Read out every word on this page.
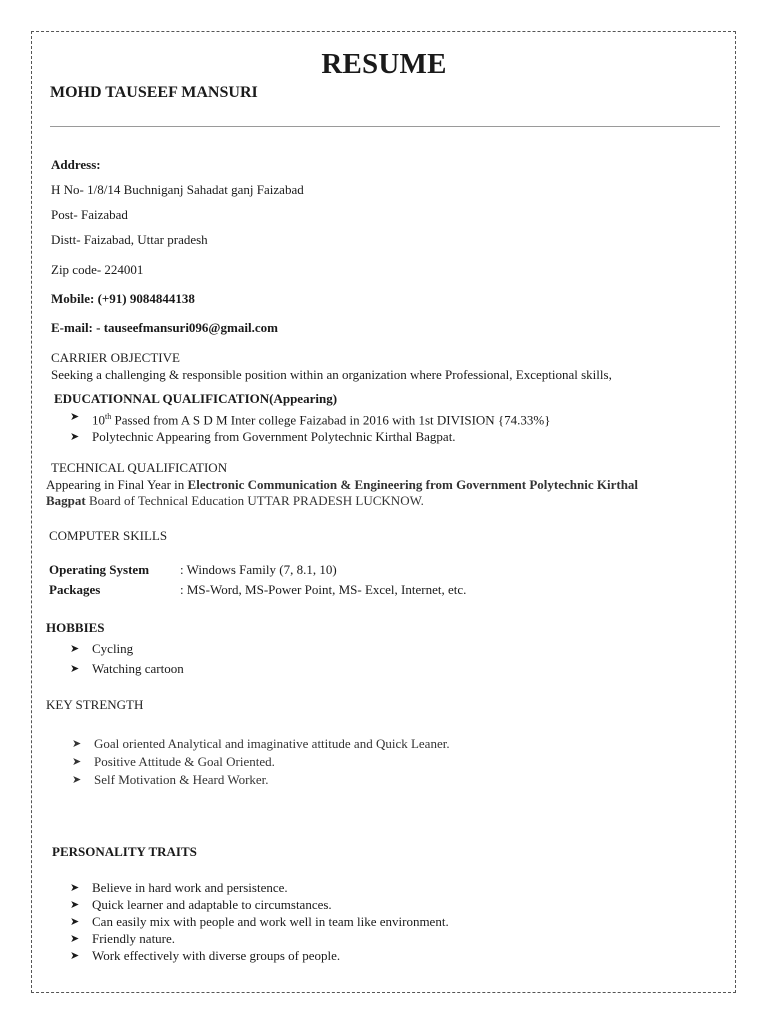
RESUME
MOHD TAUSEEF MANSURI
Address:
H No- 1/8/14 Buchniganj Sahadat ganj Faizabad
Post- Faizabad
Distt- Faizabad, Uttar pradesh
Zip code- 224001
Mobile: (+91) 9084844138
E-mail: - tauseefmansuri096@gmail.com
CARRIER OBJECTIVE
Seeking a challenging & responsible position within an organization where Professional, Exceptional skills,
EDUCATIONNAL QUALIFICATION(Appearing)
➤ 10th Passed from A S D M Inter college Faizabad in 2016 with 1st DIVISION {74.33%}
➤ Polytechnic Appearing from Government Polytechnic Kirthal Bagpat.
TECHNICAL QUALIFICATION
Appearing in Final Year in Electronic Communication & Engineering from Government Polytechnic Kirthal
Bagpat Board of Technical Education UTTAR PRADESH LUCKNOW.
COMPUTER SKILLS
Operating System : Windows Family (7, 8.1, 10)
Packages	: MS-Word, MS-Power Point, MS- Excel, Internet, etc.
HOBBIES
➤ Cycling
➤ Watching cartoon
KEY STRENGTH
➤ Goal oriented Analytical and imaginative attitude and Quick Leaner.
➤ Positive Attitude & Goal Oriented.
➤ Self Motivation & Heard Worker.
PERSONALITY TRAITS
➤ Believe in hard work and persistence.
➤ Quick learner and adaptable to circumstances.
➤ Can easily mix with people and work well in team like environment.
➤ Friendly nature.
➤ Work effectively with diverse groups of people.
